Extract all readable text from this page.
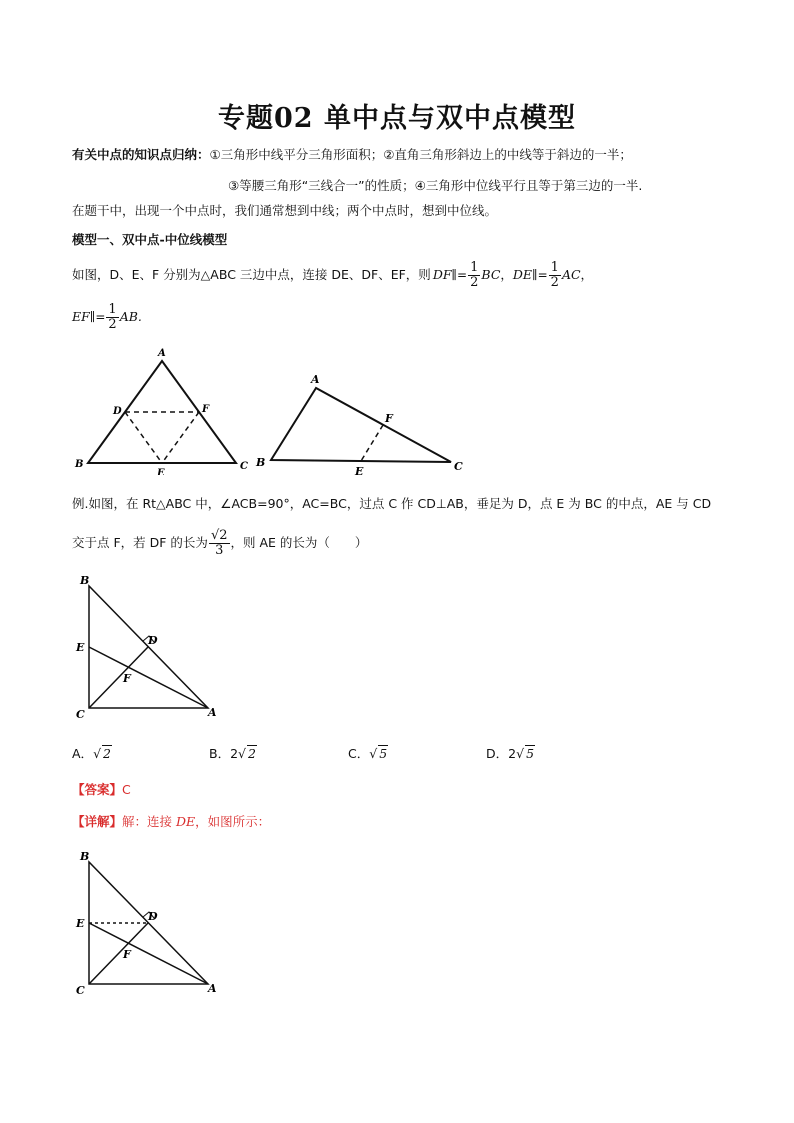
专题02 单中点与双中点模型
有关中点的知识点归纳：①三角形中线平分三角形面积；②直角三角形斜边上的中线等于斜边的一半；
③等腰三角形“三线合一”的性质；④三角形中位线平行且等于第三边的一半.
在题干中，出现一个中点时，我们通常想到中线；两个中点时，想到中位线。
模型一、双中点-中位线模型
如图，D、E、F 分别为△ABC 三边中点，连接 DE、DF、EF，则 DF ∥= $\frac{1}{2}$ BC ， DE ∥= $\frac{1}{2}$ AC ，
EF ∥= $\frac{1}{2}$ AB.
A
B	C
D	F
E
A
B	C
F
E
例.如图，在 Rt△ABC 中，∠ACB=90°，AC=BC，过点 C 作 CD⊥AB，垂足为 D，点 E 为 BC 的中点，AE 与 CD
交于点 F，若 DF 的长为 $\frac{√2}{3}$ ，则 AE 的长为（　　）
B
E
C
D
F
A
A．√ 2	B．2√ 2	C．√ 5	D．2√ 5
【答案】C
【详解】解：连接 DE，如图所示：
B
E
C
D
F
A
